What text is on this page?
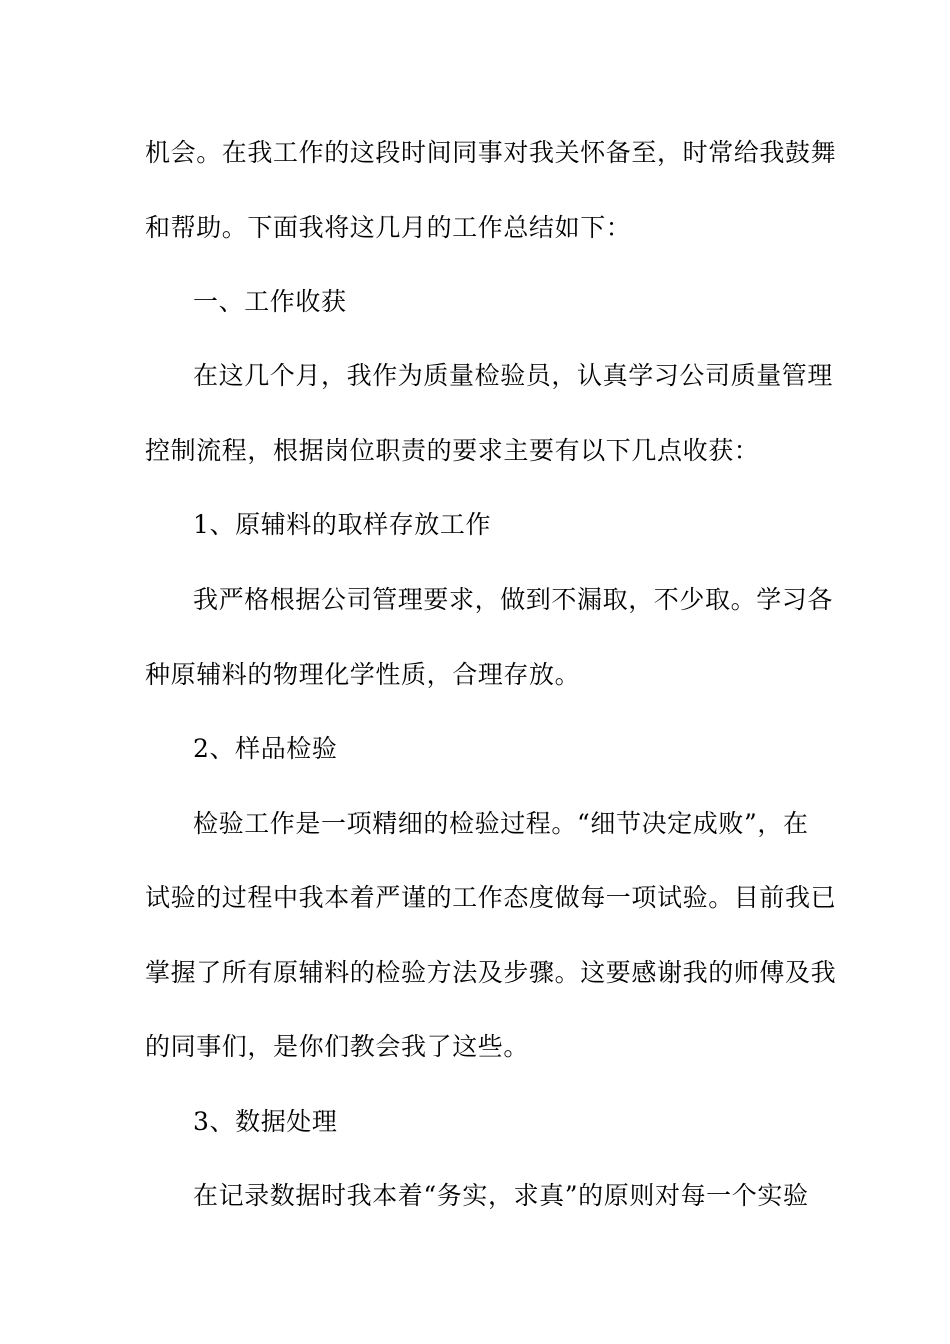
机会。在我工作的这段时间同事对我关怀备至，时常给我鼓舞
和帮助。下面我将这几月的工作总结如下：
一、工作收获
在这几个月，我作为质量检验员，认真学习公司质量管理
控制流程，根据岗位职责的要求主要有以下几点收获：
1、原辅料的取样存放工作
我严格根据公司管理要求，做到不漏取，不少取。学习各
种原辅料的物理化学性质，合理存放。
2、样品检验
检验工作是一项精细的检验过程。“细节决定成败”，在
试验的过程中我本着严谨的工作态度做每一项试验。目前我已
掌握了所有原辅料的检验方法及步骤。这要感谢我的师傅及我
的同事们，是你们教会我了这些。
3、数据处理
在记录数据时我本着“务实，求真”的原则对每一个实验
